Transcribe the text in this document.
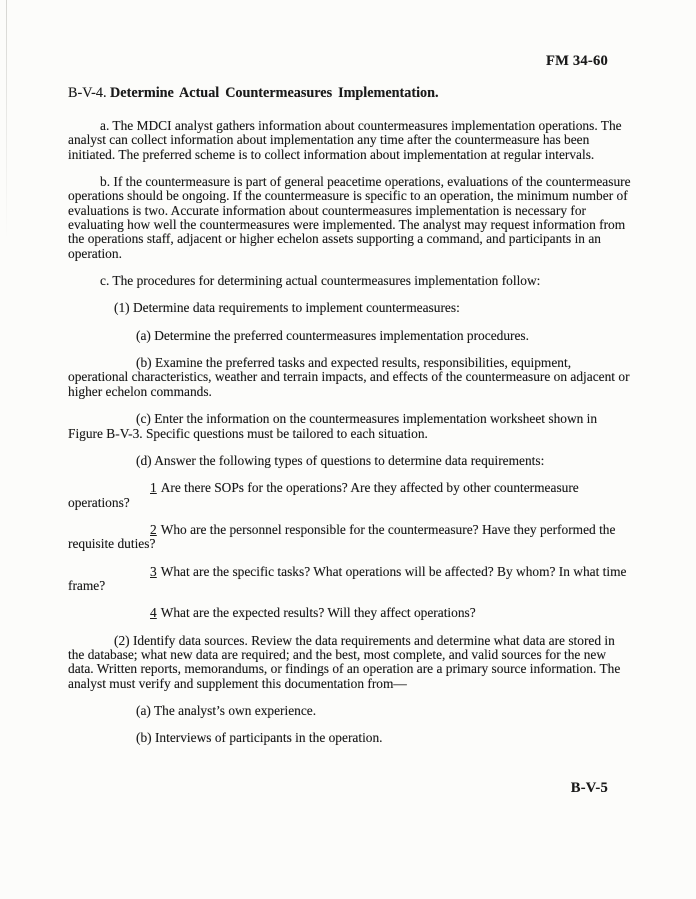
FM 34-60
B-V-4. Determine Actual Countermeasures Implementation.

a. The MDCI analyst gathers information about countermeasures implementation operations. The analyst can collect information about implementation any time after the countermeasure has been initiated. The preferred scheme is to collect information about implementation at regular intervals.

b. If the countermeasure is part of general peacetime operations, evaluations of the countermeasure operations should be ongoing. If the countermeasure is specific to an operation, the minimum number of evaluations is two. Accurate information about countermeasures implementation is necessary for evaluating how well the countermeasures were implemented. The analyst may request information from the operations staff, adjacent or higher echelon assets supporting a command, and participants in an operation.

c. The procedures for determining actual countermeasures implementation follow:

(1) Determine data requirements to implement countermeasures:

(a) Determine the preferred countermeasures implementation procedures.

(b) Examine the preferred tasks and expected results, responsibilities, equipment, operational characteristics, weather and terrain impacts, and effects of the countermeasure on adjacent or higher echelon commands.

(c) Enter the information on the countermeasures implementation worksheet shown in Figure B-V-3. Specific questions must be tailored to each situation.

(d) Answer the following types of questions to determine data requirements:

1 Are there SOPs for the operations? Are they affected by other countermeasure operations?

2 Who are the personnel responsible for the countermeasure? Have they performed the requisite duties?

3 What are the specific tasks? What operations will be affected? By whom? In what time frame?

4 What are the expected results? Will they affect operations?

(2) Identify data sources. Review the data requirements and determine what data are stored in the database; what new data are required; and the best, most complete, and valid sources for the new data. Written reports, memorandums, or findings of an operation are a primary source information. The analyst must verify and supplement this documentation from—

(a) The analyst’s own experience.

(b) Interviews of participants in the operation.

B-V-5
